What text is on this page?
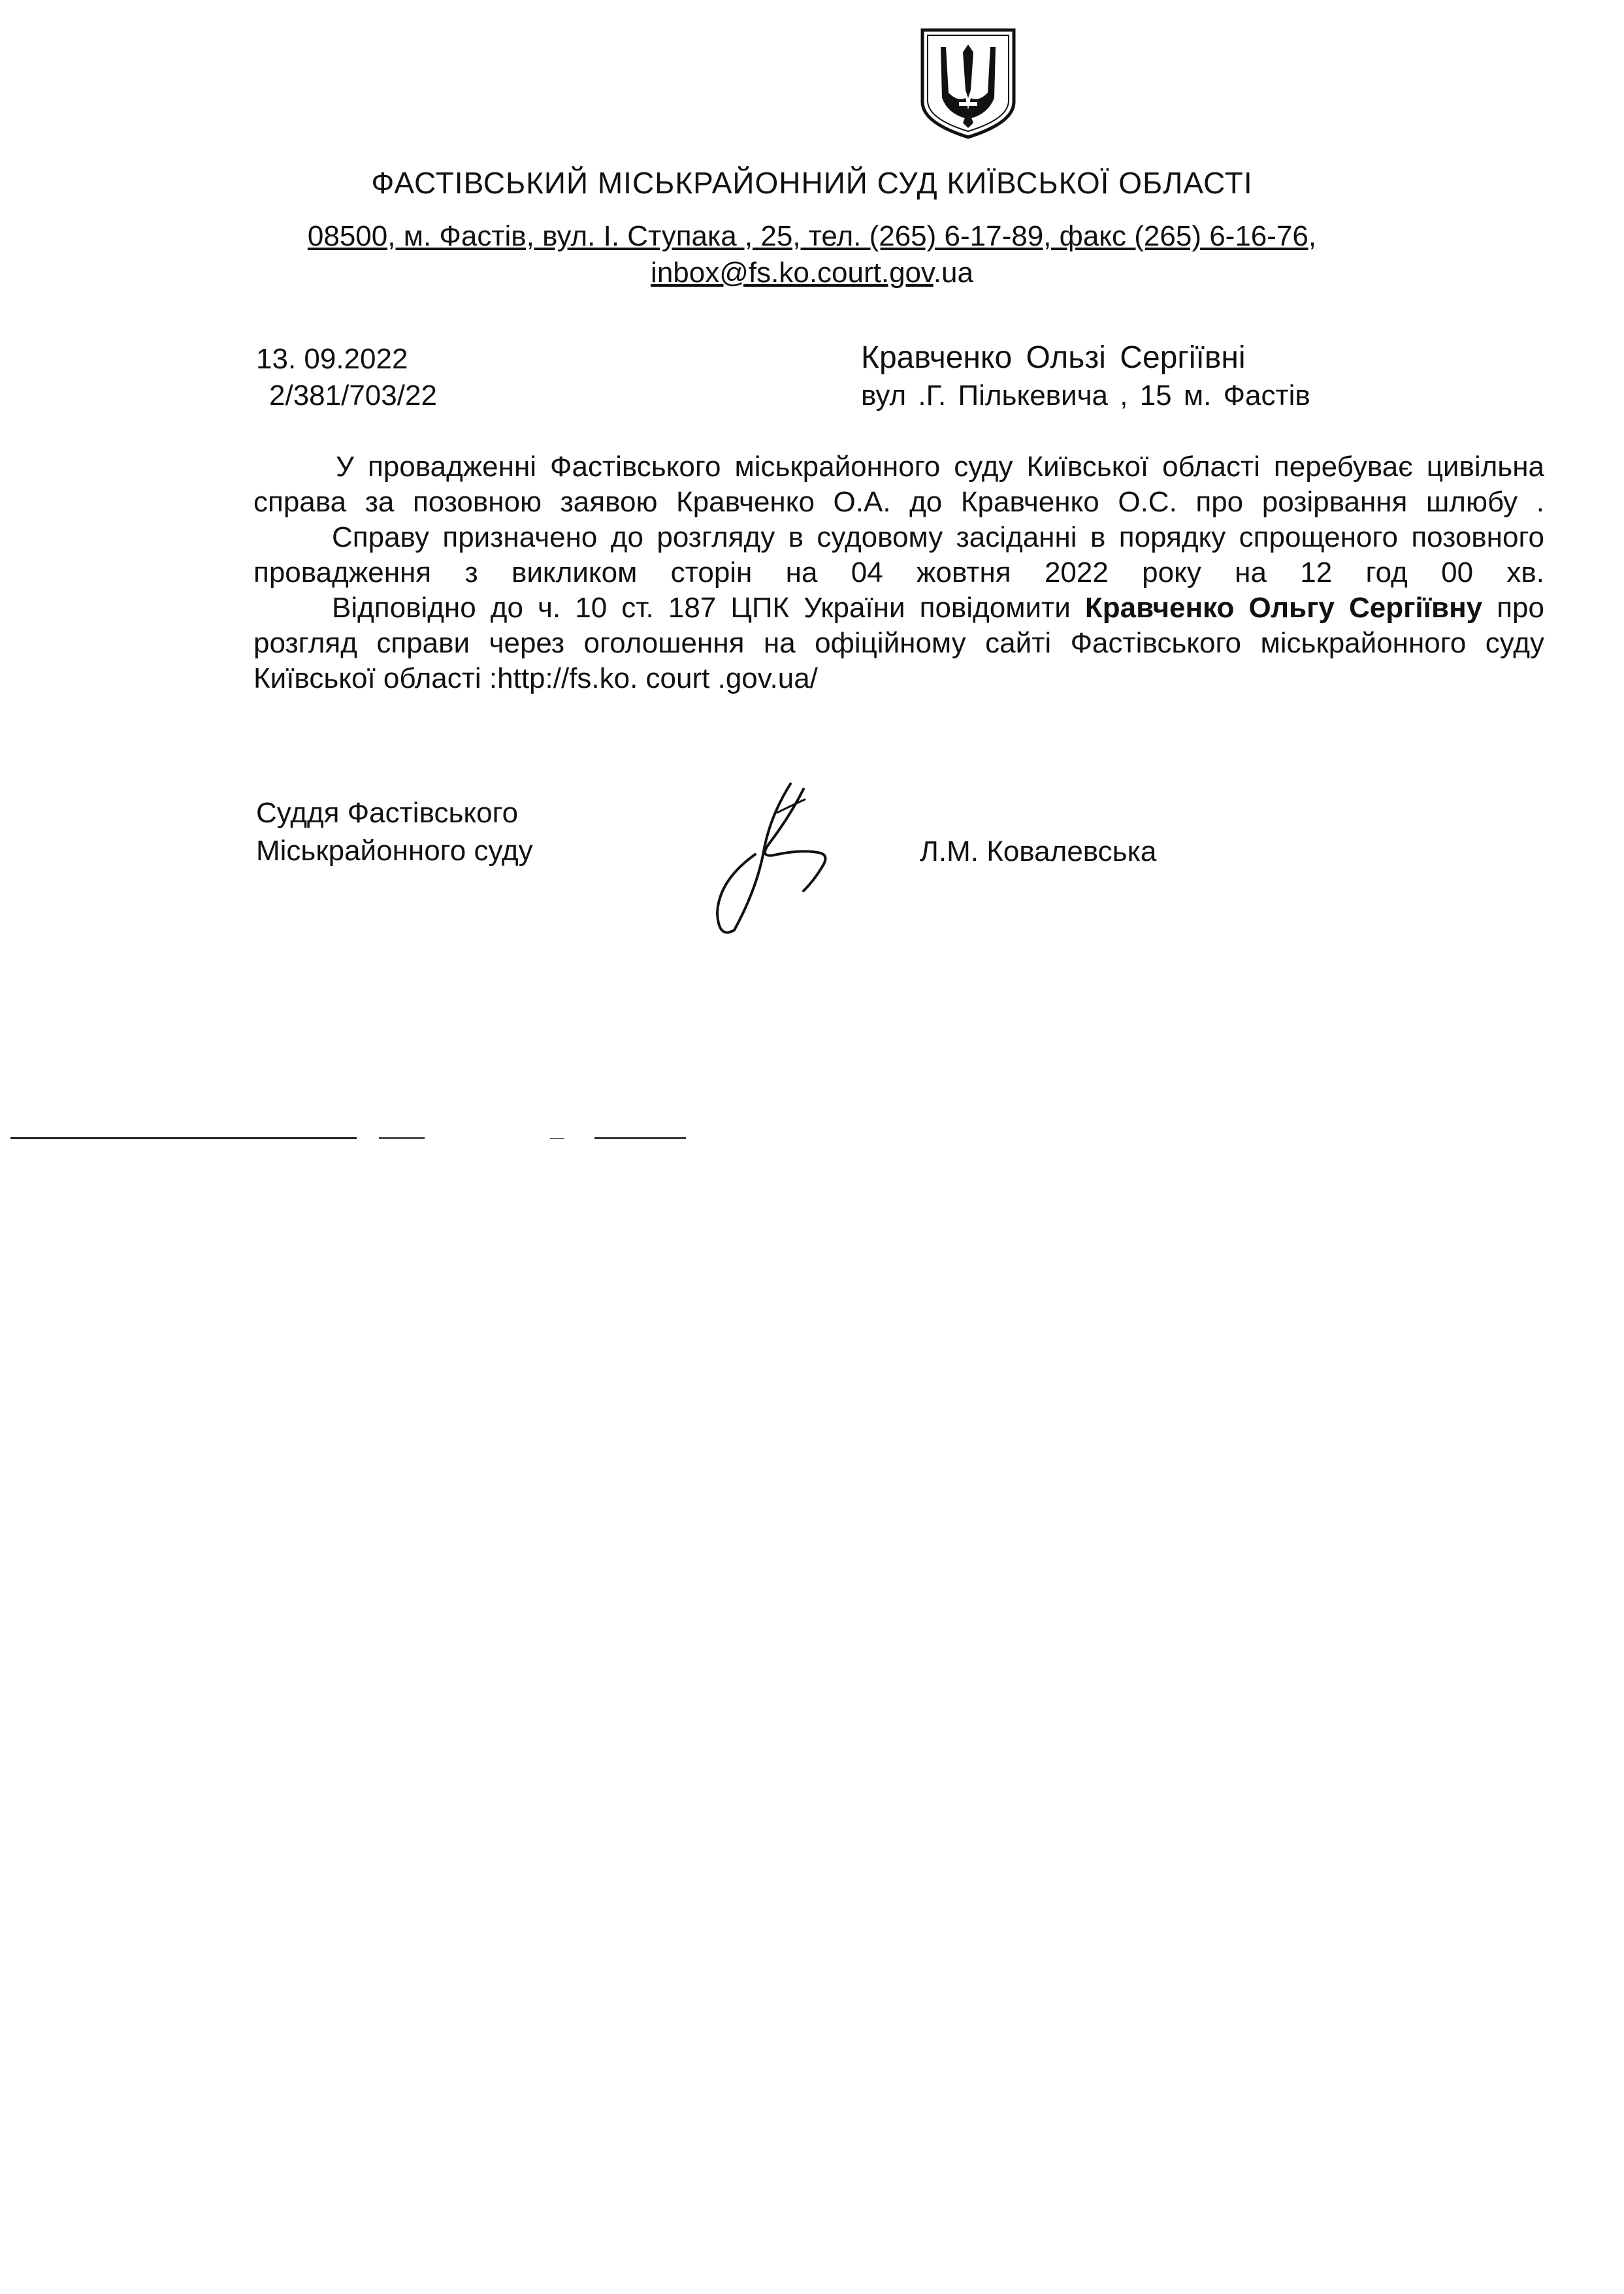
ФАСТІВСЬКИЙ МІСЬКРАЙОННИЙ СУД КИЇВСЬКОЇ ОБЛАСТІ
08500, м. Фастів, вул. І. Ступака , 25, тел. (265) 6-17-89, факс (265) 6-16-76,
inbox@fs.ko.court.gov.ua
13. 09.2022
2/381/703/22
Кравченко Ользі Сергіївні
вул .Г. Пількевича , 15 м. Фастів

У провадженні Фастівського міськрайонного суду Київської області перебуває цивільна справа за позовною заявою Кравченко О.А. до Кравченко О.С. про розірвання шлюбу .

Справу призначено до розгляду в судовому засіданні в порядку спрощеного позовного провадження з викликом сторін на 04 жовтня 2022 року на 12 год 00 хв.

Відповідно до ч. 10 ст. 187 ЦПК України повідомити Кравченко Ольгу Сергіївну про розгляд справи через оголошення на офіційному сайті Фастівського міськрайонного суду Київської області :http://fs.ko. court .gov.ua/

Суддя Фастівського
Міськрайонного суду	Л.М. Ковалевська
